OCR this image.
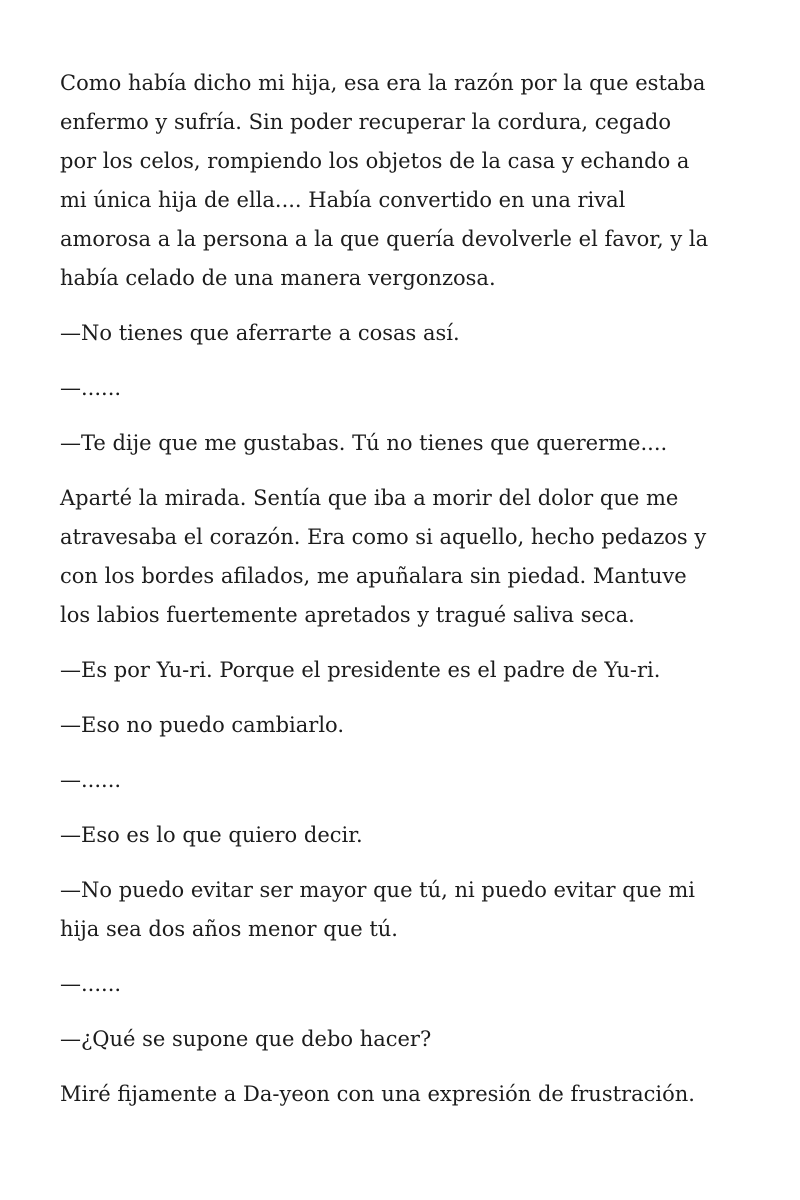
Como había dicho mi hija, esa era la razón por la que estaba
enfermo y sufría. Sin poder recuperar la cordura, cegado
por los celos, rompiendo los objetos de la casa y echando a
mi única hija de ella.... Había convertido en una rival
amorosa a la persona a la que quería devolverle el favor, y la
había celado de una manera vergonzosa.

—No tienes que aferrarte a cosas así.

—......

—Te dije que me gustabas. Tú no tienes que quererme....

Aparté la mirada. Sentía que iba a morir del dolor que me
atravesaba el corazón. Era como si aquello, hecho pedazos y
con los bordes afilados, me apuñalara sin piedad. Mantuve
los labios fuertemente apretados y tragué saliva seca.

—Es por Yu-ri. Porque el presidente es el padre de Yu-ri.

—Eso no puedo cambiarlo.

—......

—Eso es lo que quiero decir.

—No puedo evitar ser mayor que tú, ni puedo evitar que mi
hija sea dos años menor que tú.

—......

—¿Qué se supone que debo hacer?

Miré fijamente a Da-yeon con una expresión de frustración.
